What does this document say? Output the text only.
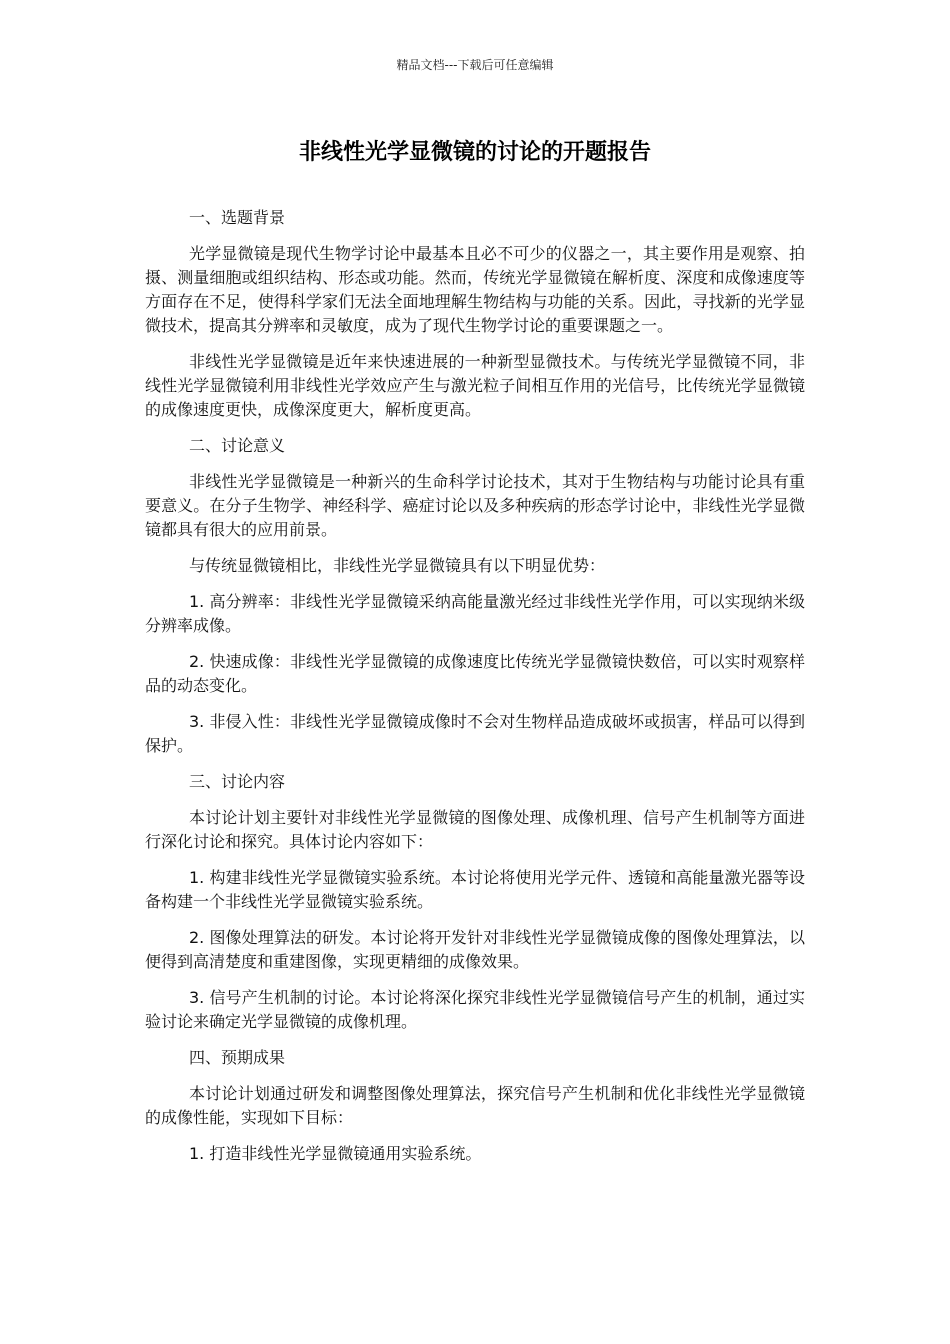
精品文档---下载后可任意编辑
非线性光学显微镜的讨论的开题报告

一、选题背景

光学显微镜是现代生物学讨论中最基本且必不可少的仪器之一，其主要作用是观察、拍摄、测量细胞或组织结构、形态或功能。然而，传统光学显微镜在解析度、深度和成像速度等方面存在不足，使得科学家们无法全面地理解生物结构与功能的关系。因此，寻找新的光学显微技术，提高其分辨率和灵敏度，成为了现代生物学讨论的重要课题之一。

非线性光学显微镜是近年来快速进展的一种新型显微技术。与传统光学显微镜不同，非线性光学显微镜利用非线性光学效应产生与激光粒子间相互作用的光信号，比传统光学显微镜的成像速度更快，成像深度更大，解析度更高。

二、讨论意义

非线性光学显微镜是一种新兴的生命科学讨论技术，其对于生物结构与功能讨论具有重要意义。在分子生物学、神经科学、癌症讨论以及多种疾病的形态学讨论中，非线性光学显微镜都具有很大的应用前景。

与传统显微镜相比，非线性光学显微镜具有以下明显优势：

1. 高分辨率：非线性光学显微镜采纳高能量激光经过非线性光学作用，可以实现纳米级分辨率成像。

2. 快速成像：非线性光学显微镜的成像速度比传统光学显微镜快数倍，可以实时观察样品的动态变化。

3. 非侵入性：非线性光学显微镜成像时不会对生物样品造成破坏或损害，样品可以得到保护。

三、讨论内容

本讨论计划主要针对非线性光学显微镜的图像处理、成像机理、信号产生机制等方面进行深化讨论和探究。具体讨论内容如下：

1. 构建非线性光学显微镜实验系统。本讨论将使用光学元件、透镜和高能量激光器等设备构建一个非线性光学显微镜实验系统。

2. 图像处理算法的研发。本讨论将开发针对非线性光学显微镜成像的图像处理算法，以便得到高清楚度和重建图像，实现更精细的成像效果。

3. 信号产生机制的讨论。本讨论将深化探究非线性光学显微镜信号产生的机制，通过实验讨论来确定光学显微镜的成像机理。

四、预期成果

本讨论计划通过研发和调整图像处理算法，探究信号产生机制和优化非线性光学显微镜的成像性能，实现如下目标：

1. 打造非线性光学显微镜通用实验系统。
